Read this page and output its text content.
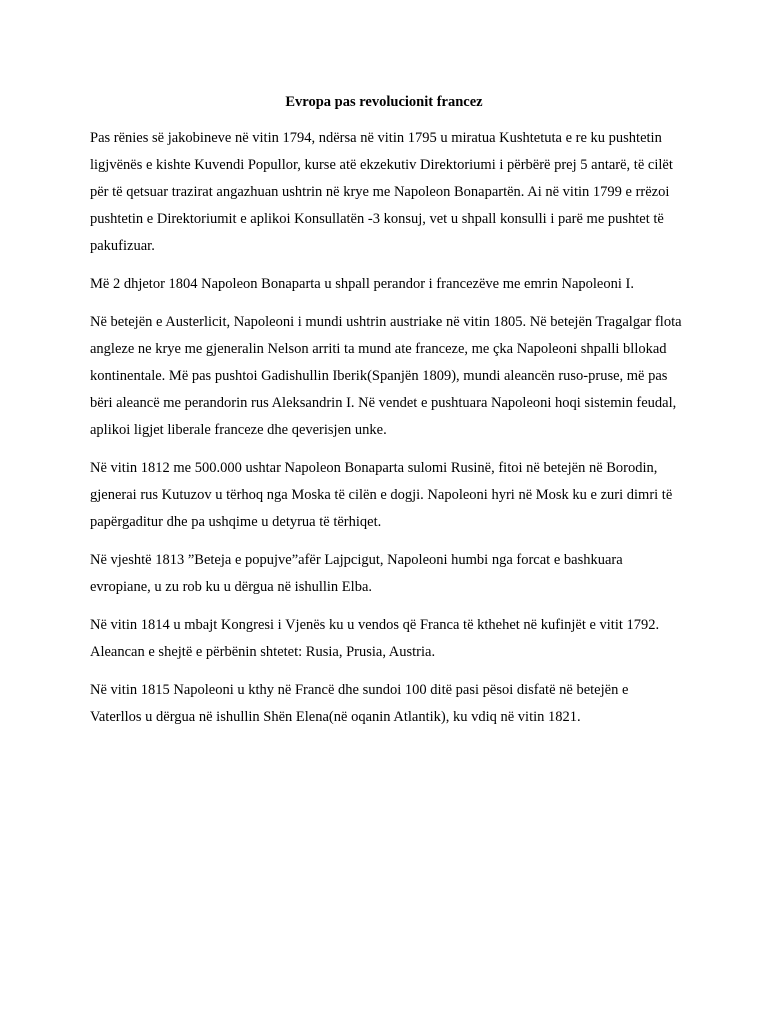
Evropa pas revolucionit francez

Pas rënies së jakobineve në vitin 1794, ndërsa në vitin 1795 u miratua Kushtetuta e re ku pushtetin ligjvënës e kishte Kuvendi Popullor, kurse atë ekzekutiv Direktoriumi i përbërë prej 5 antarë, të cilët për të qetsuar trazirat angazhuan ushtrin në krye me Napoleon Bonapartën. Ai në vitin 1799 e rrëzoi pushtetin e Direktoriumit e aplikoi Konsullatën -3 konsuj, vet u shpall konsulli i parë me pushtet të pakufizuar.

Më 2 dhjetor 1804 Napoleon Bonaparta u shpall perandor i francezëve me emrin Napoleoni I.

Në betejën e Austerlicit, Napoleoni i mundi ushtrin austriake në vitin 1805. Në betejën Tragalgar flota angleze ne krye me gjeneralin Nelson arriti ta mund ate franceze, me çka Napoleoni shpalli bllokad kontinentale. Më pas pushtoi Gadishullin Iberik(Spanjën 1809), mundi aleancën ruso-pruse, më pas bëri aleancë me perandorin rus Aleksandrin I. Në vendet e pushtuara Napoleoni hoqi sistemin feudal, aplikoi ligjet liberale franceze dhe qeverisjen unke.

Në vitin 1812 me 500.000 ushtar Napoleon Bonaparta sulomi Rusinë, fitoi në betejën në Borodin, gjenerai rus Kutuzov u tërhoq nga Moska të cilën e dogji. Napoleoni hyri në Mosk ku e zuri dimri të papërgaditur dhe pa ushqime u detyrua të tërhiqet.

Në vjeshtë 1813 ”Beteja e popujve”afër Lajpcigut, Napoleoni humbi nga forcat e bashkuara evropiane, u zu rob ku u dërgua në ishullin Elba.

Në vitin 1814 u mbajt Kongresi i Vjenës ku u vendos që Franca të kthehet në kufinjët e vitit 1792. Aleancan e shejtë e përbënin shtetet: Rusia, Prusia, Austria.

Në vitin 1815 Napoleoni u kthy në Francë dhe sundoi 100 ditë pasi pësoi disfatë në betejën e Vaterllos u dërgua në ishullin Shën Elena(në oqanin Atlantik), ku vdiq në vitin 1821.
